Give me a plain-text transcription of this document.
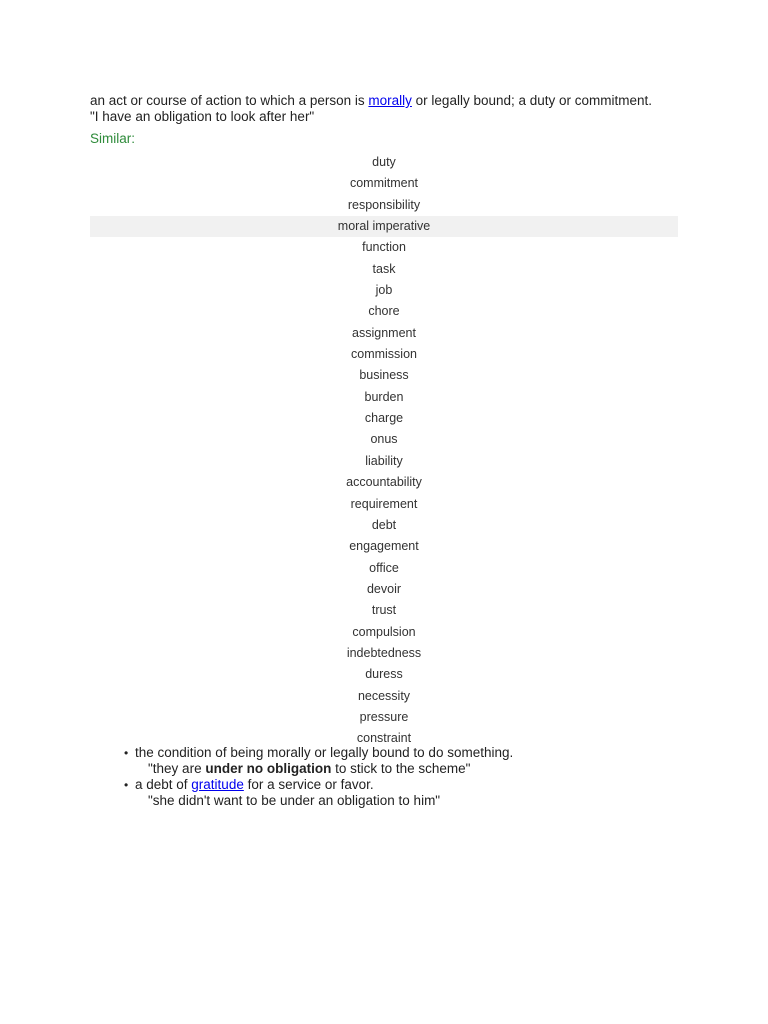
an act or course of action to which a person is morally or legally bound; a duty or commitment.

"I have an obligation to look after her"

Similar:
duty
commitment
responsibility
moral imperative
function
task
job
chore
assignment
commission
business
burden
charge
onus
liability
accountability
requirement
debt
engagement
office
devoir
trust
compulsion
indebtedness
duress
necessity
pressure
constraint
• the condition of being morally or legally bound to do something.
"they are under no obligation to stick to the scheme"
• a debt of gratitude for a service or favor.
"she didn't want to be under an obligation to him"
